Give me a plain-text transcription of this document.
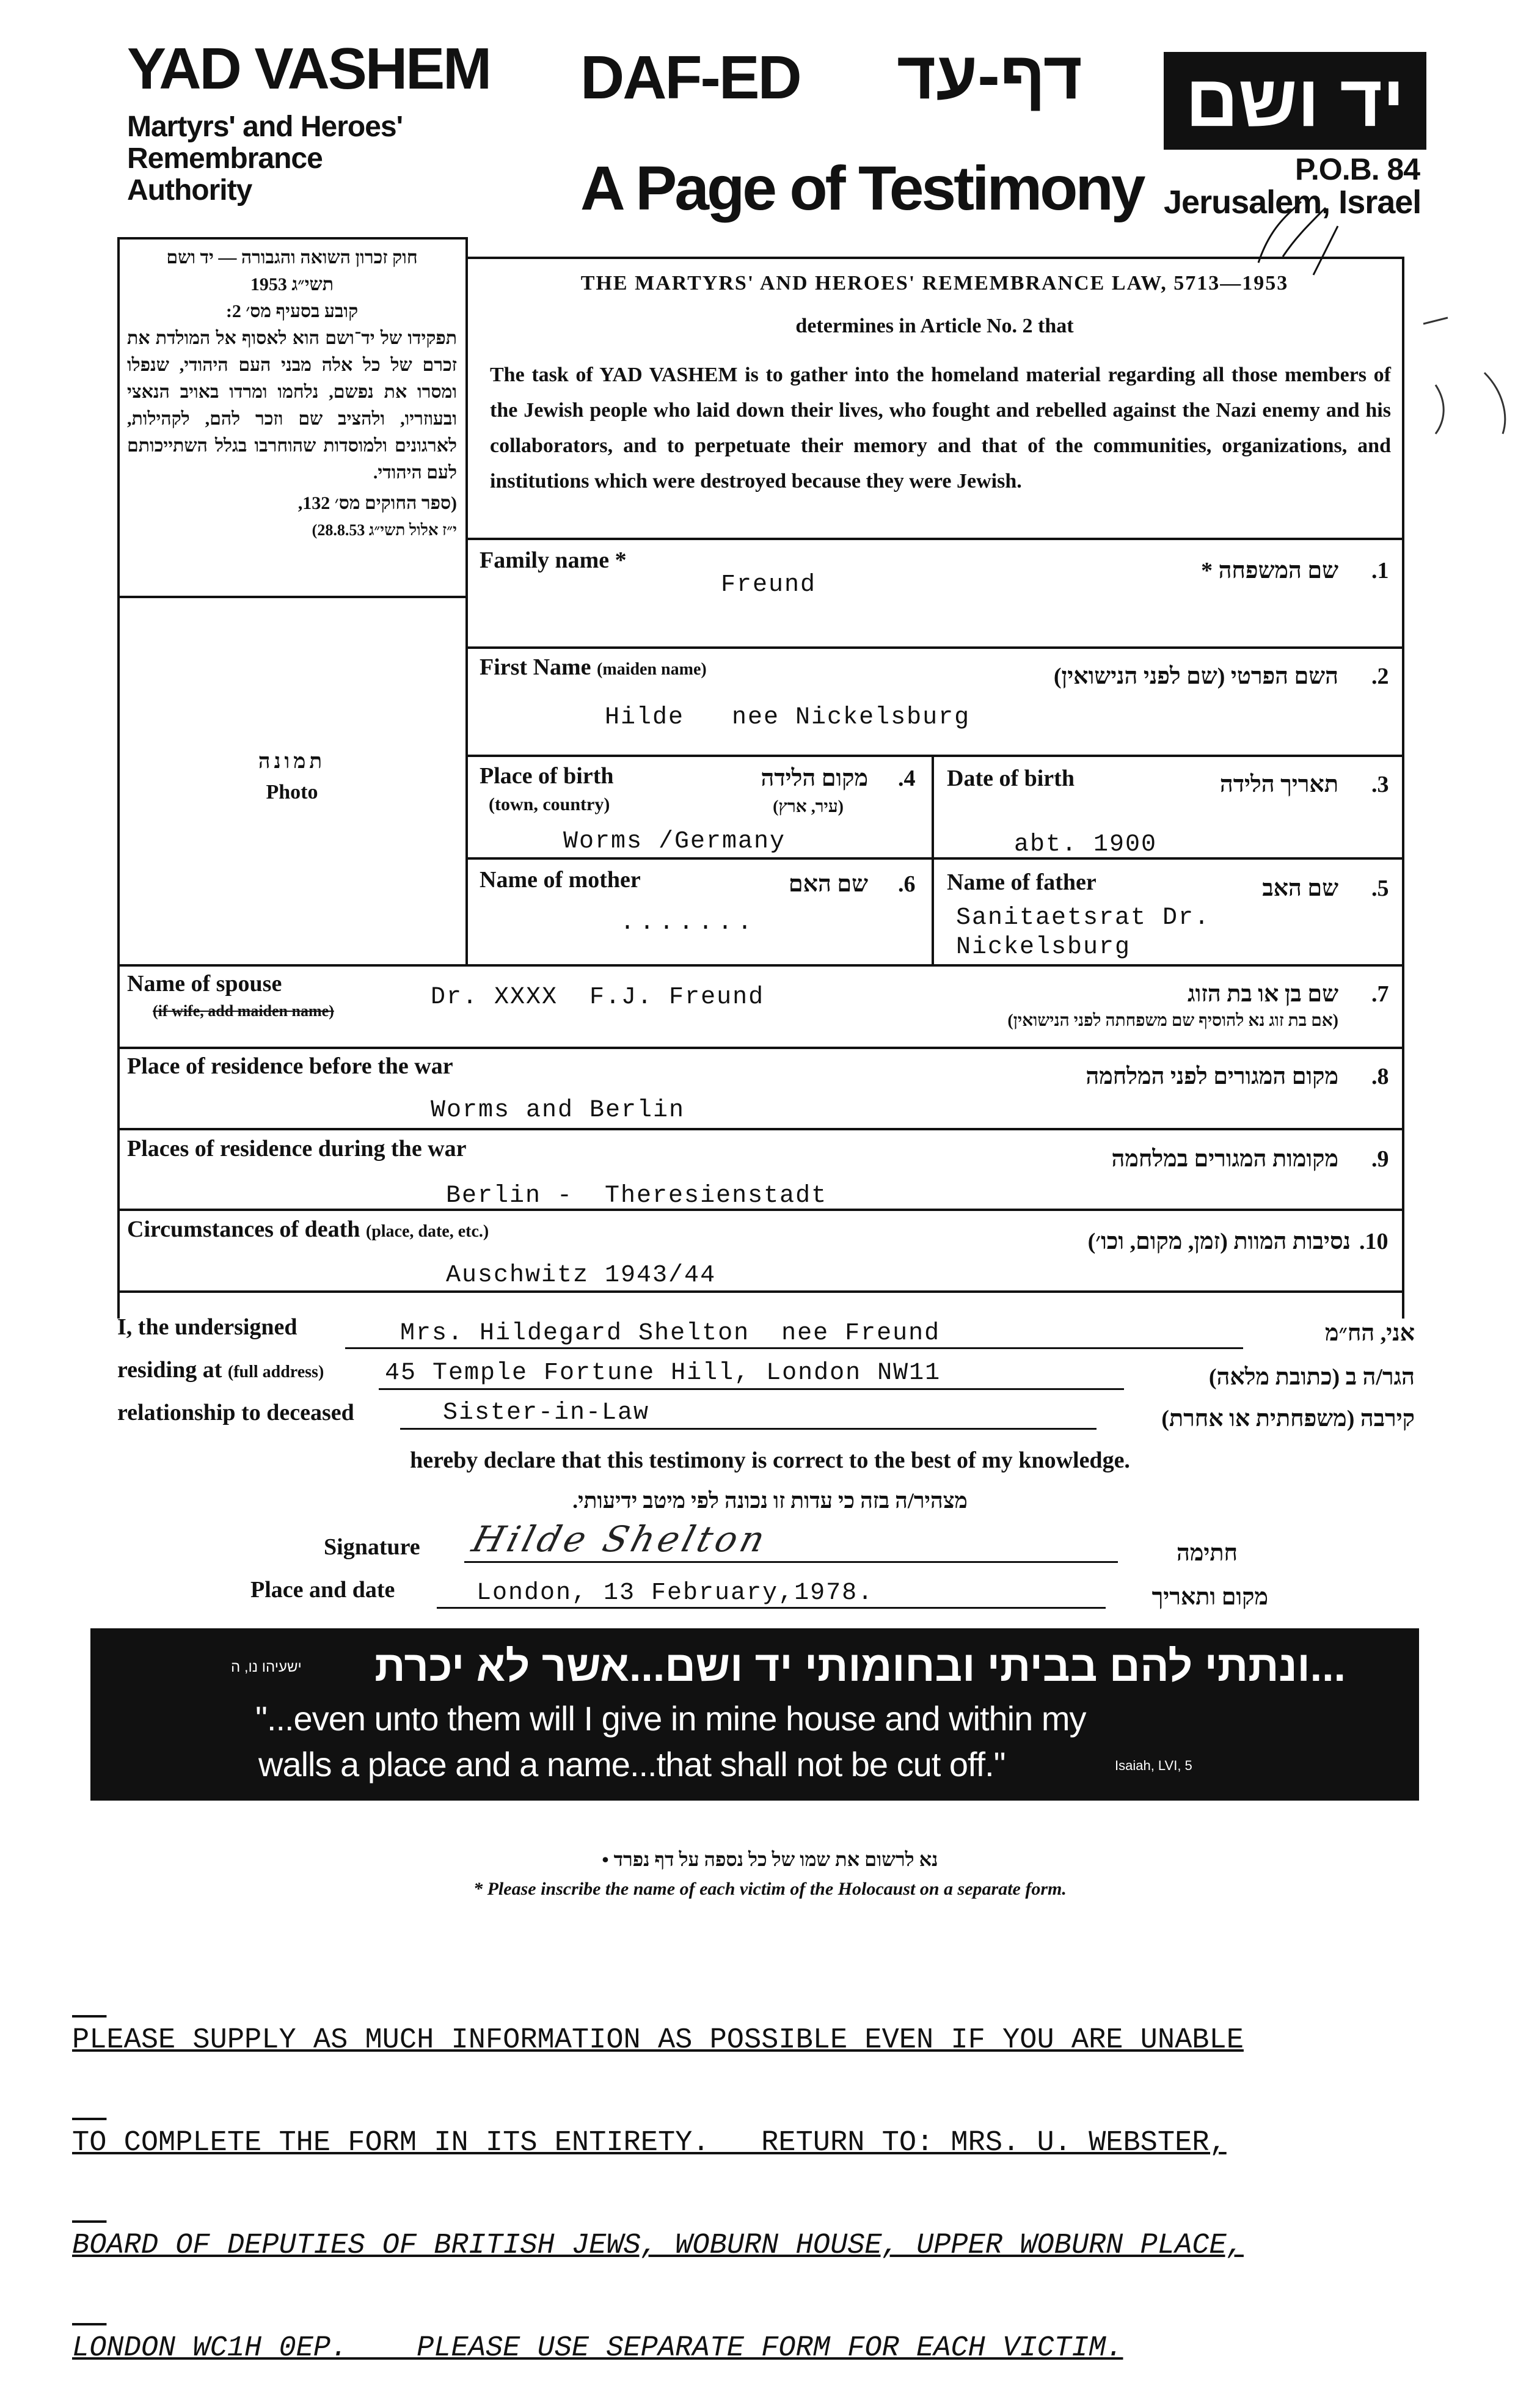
YAD VASHEM
Martyrs' and Heroes'
Remembrance
Authority
DAF-ED	דף-עד
A Page of Testimony
יד ושם
P.O.B. 84
Jerusalem, Israel
חוק זכרון השואה והגבורה — יד ושם
תשי״ג 1953
קובע בסעיף מס׳ 2:
תפקידו של יד־ושם הוא לאסוף אל המולדת את זכרם של כל אלה מבני העם היהודי, שנפלו ומסרו את נפשם, נלחמו ומרדו באויב הנאצי ובעוזריו, ולהציב שם וזכר להם, לקהילות, לארגונים ולמוסדות שהוחרבו בגלל השתייכותם לעם היהודי.
(ספר החוקים מס׳ 132,
י״ז אלול תשי״ג 28.8.53)
תמונה
Photo
THE MARTYRS' AND HEROES' REMEMBRANCE LAW, 5713—1953
determines in Article No. 2 that
The task of YAD VASHEM is to gather into the homeland material regarding all those members of the Jewish people who laid down their lives, who fought and rebelled against the Nazi enemy and his collaborators, and to perpetuate their memory and that of the communities, organizations, and institutions which were destroyed because they were Jewish.
Family name *	שם המשפחה * .1
Freund
First Name (maiden name)	השם הפרטי (שם לפני הנישואין) .2
Hilde   nee Nickelsburg
Place of birth
(town, country)
מקום הלידה
(עיר, ארץ)
.4
Worms /Germany
Date of birth	תאריך הלידה .3
abt. 1900
Name of mother	שם האם .6
.......
Name of father	שם האב .5
Sanitaetsrat Dr.
Nickelsburg
Name of spouse
(if wife, add maiden name)
שם בן או בת הזוג
(אם בת זוג נא להוסיף שם משפחתה לפני הנישואין)
.7
Dr. XXXX  F.J. Freund
Place of residence before the war	מקום המגורים לפני המלחמה .8
Worms and Berlin
Places of residence during the war	מקומות המגורים במלחמה .9
Berlin -  Theresienstadt
Circumstances of death (place, date, etc.)	נסיבות המוות (זמן, מקום, וכו׳) .10
Auschwitz 1943/44
I, the undersigned	Mrs. Hildegard Shelton  nee Freund	אני, הח״מ
residing at (full address) 45 Temple Fortune Hill, London NW11	הגר/ה ב (כתובת מלאה)
relationship to deceased	Sister-in-Law	קירבה (משפחתית או אחרת)
hereby declare that this testimony is correct to the best of my knowledge.
מצהיר/ה בזה כי עדות זו נכונה לפי מיטב ידיעותי.
Signature Hilde Shelton	חתימה
Place and date	London, 13 February,1978.	מקום ותאריך
...ונתתי להם בביתי ובחומותי יד ושם...אשר לא יכרת
ישעיהו נו, ה
"...even unto them will I give in mine house and within my
walls a place and a name...that shall not be cut off."	Isaiah, LVI, 5
נא לרשום את שמו של כל נספה על דף נפרד •
* Please inscribe the name of each victim of the Holocaust on a separate form.

PLEASE SUPPLY AS MUCH INFORMATION AS POSSIBLE EVEN IF YOU ARE UNABLE

TO COMPLETE THE FORM IN ITS ENTIRETY.   RETURN TO: MRS. U. WEBSTER,

BOARD OF DEPUTIES OF BRITISH JEWS, WOBURN HOUSE, UPPER WOBURN PLACE,

LONDON WC1H 0EP.    PLEASE USE SEPARATE FORM FOR EACH VICTIM.
